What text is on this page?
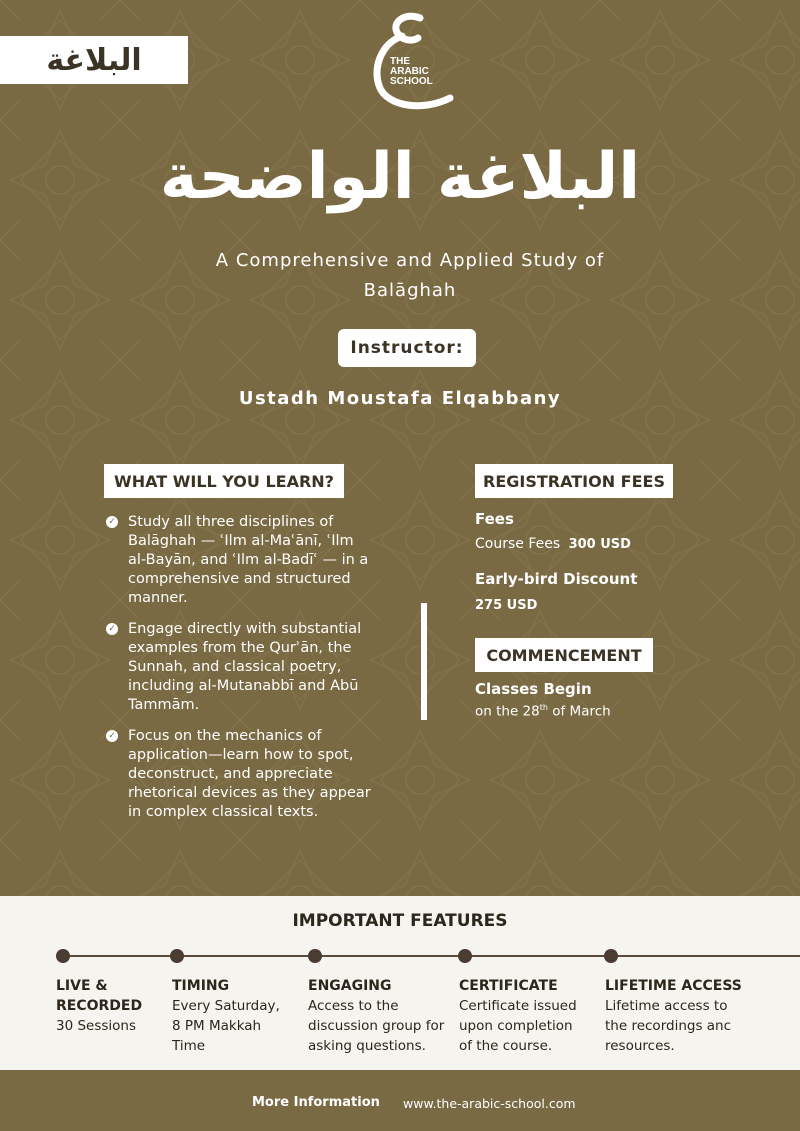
البلاغة	THE
ARABIC
SCHOOL
البلاغة الواضحة
A Comprehensive and Applied Study of Balāghah
Instructor:
Ustadh Moustafa Elqabbany
WHAT WILL YOU LEARN?
✓ Study all three disciplines of Balāghah — ʿIlm al-Maʿānī, ʿIlm al-Bayān, and ʿIlm al-Badīʿ — in a comprehensive and structured manner.
✓ Engage directly with substantial examples from the Qurʾān, the Sunnah, and classical poetry, including al-Mutanabbī and Abū Tammām.
✓ Focus on the mechanics of application—learn how to spot, deconstruct, and appreciate rhetorical devices as they appear in complex classical texts.
REGISTRATION FEES
Fees
Course Fees 300 USD
Early-bird Discount
275 USD
COMMENCEMENT
Classes Begin
on the 28th of March
IMPORTANT FEATURES
LIVE & RECORDED
30 Sessions
TIMING
Every Saturday, 8 PM Makkah Time
ENGAGING
Access to the discussion group for asking questions.
CERTIFICATE
Certificate issued upon completion of the course.
LIFETIME ACCESS
Lifetime access to the recordings anc resources.
More Information www.the-arabic-school.com
